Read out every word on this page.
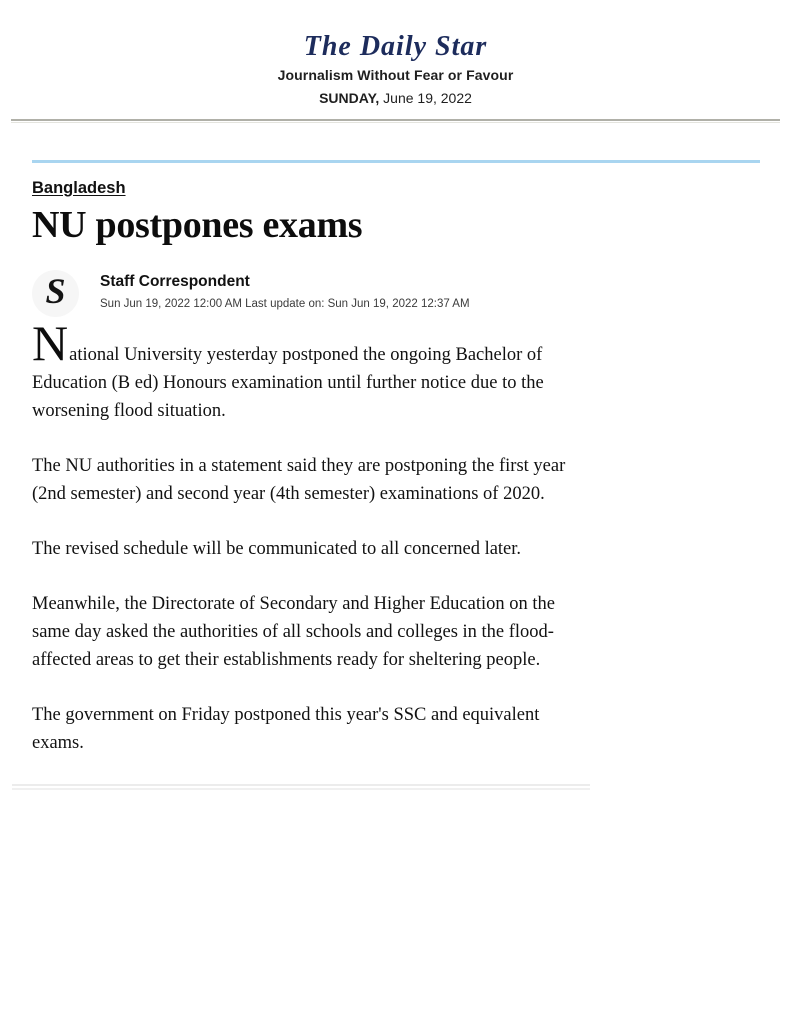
The Daily Star
Journalism Without Fear or Favour
SUNDAY, June 19, 2022
Bangladesh
NU postpones exams
S Staff Correspondent
Sun Jun 19, 2022 12:00 AM Last update on: Sun Jun 19, 2022 12:37 AM

National University yesterday postponed the ongoing Bachelor of Education (B ed) Honours examination until further notice due to the worsening flood situation.

The NU authorities in a statement said they are postponing the first year (2nd semester) and second year (4th semester) examinations of 2020.

The revised schedule will be communicated to all concerned later.

Meanwhile, the Directorate of Secondary and Higher Education on the same day asked the authorities of all schools and colleges in the flood-affected areas to get their establishments ready for sheltering people.

The government on Friday postponed this year's SSC and equivalent exams.
